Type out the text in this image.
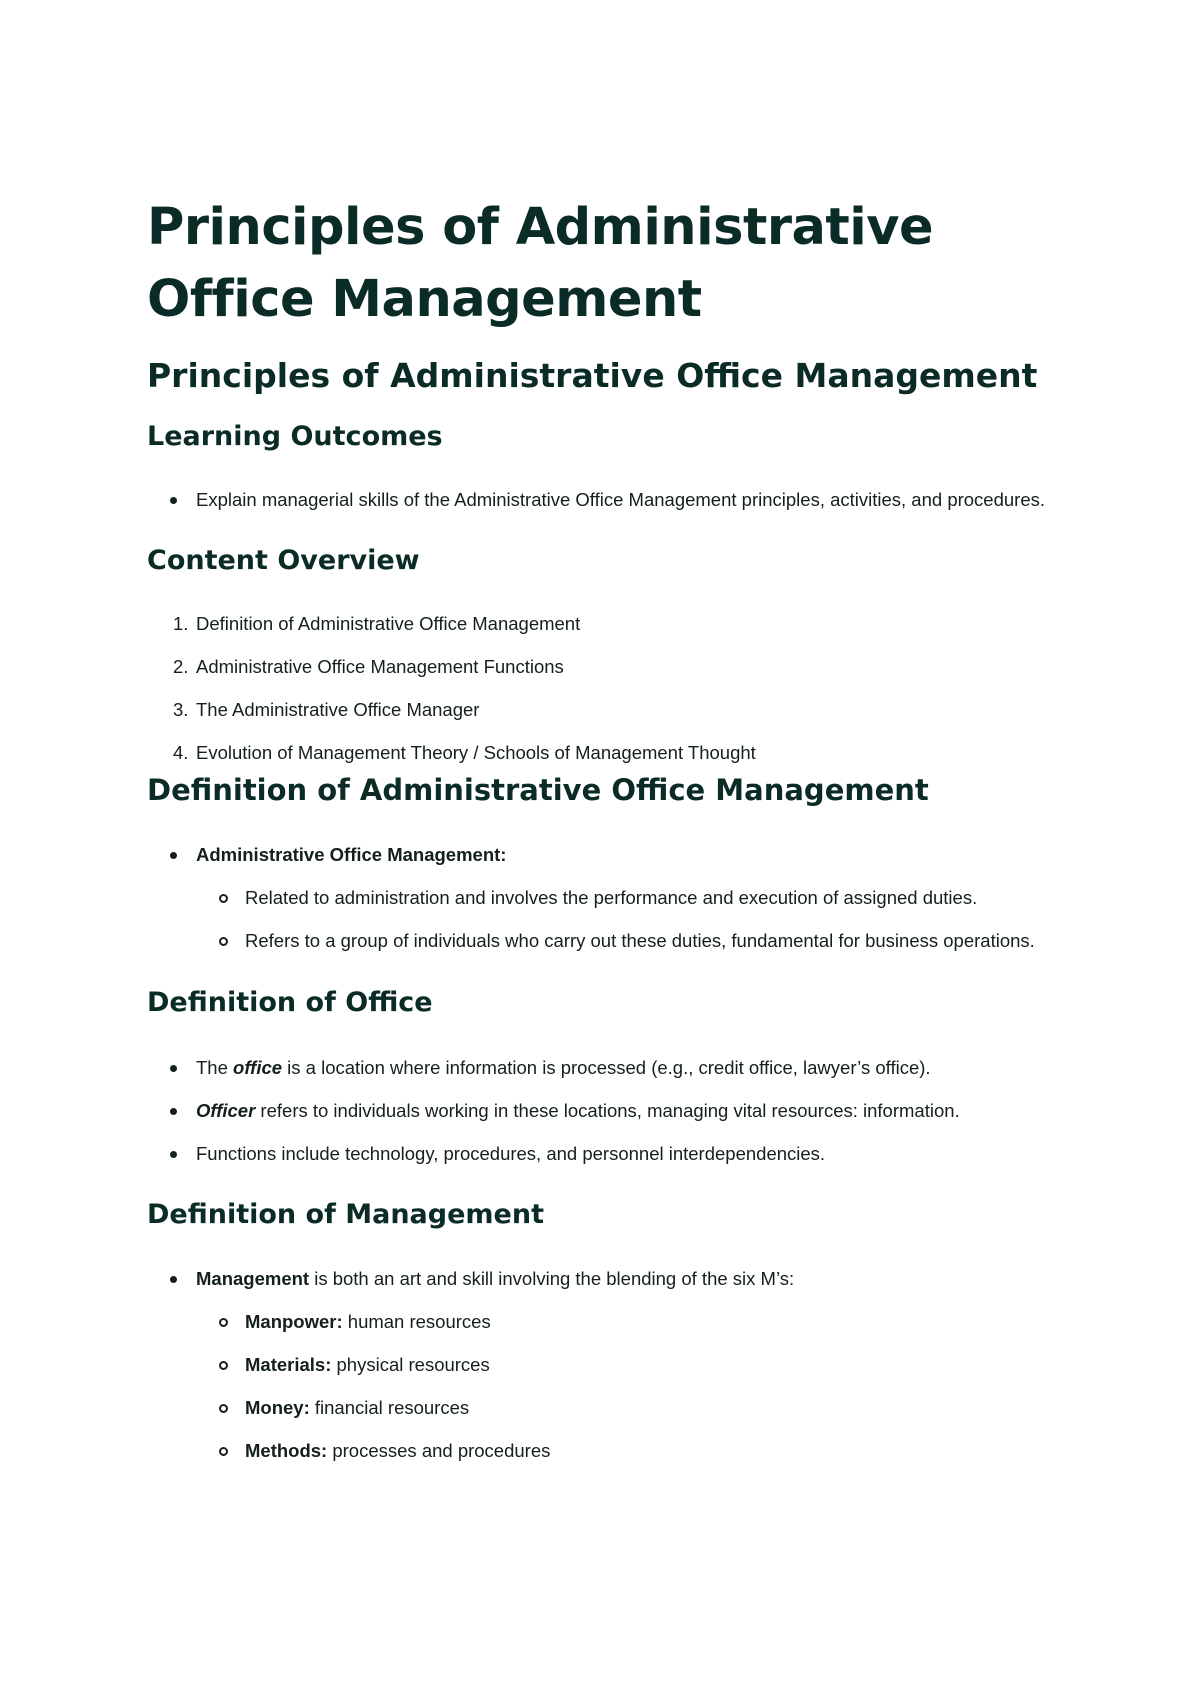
Principles of Administrative Office Management
Principles of Administrative Office Management
Learning Outcomes
Explain managerial skills of the Administrative Office Management principles, activities, and procedures.
Content Overview
1. Definition of Administrative Office Management
2. Administrative Office Management Functions
3. The Administrative Office Manager
4. Evolution of Management Theory / Schools of Management Thought
Definition of Administrative Office Management
Administrative Office Management:
Related to administration and involves the performance and execution of assigned duties.
Refers to a group of individuals who carry out these duties, fundamental for business operations.
Definition of Office
The office is a location where information is processed (e.g., credit office, lawyer’s office).
Officer refers to individuals working in these locations, managing vital resources: information.
Functions include technology, procedures, and personnel interdependencies.
Definition of Management
Management is both an art and skill involving the blending of the six M’s:
Manpower: human resources
Materials: physical resources
Money: financial resources
Methods: processes and procedures
